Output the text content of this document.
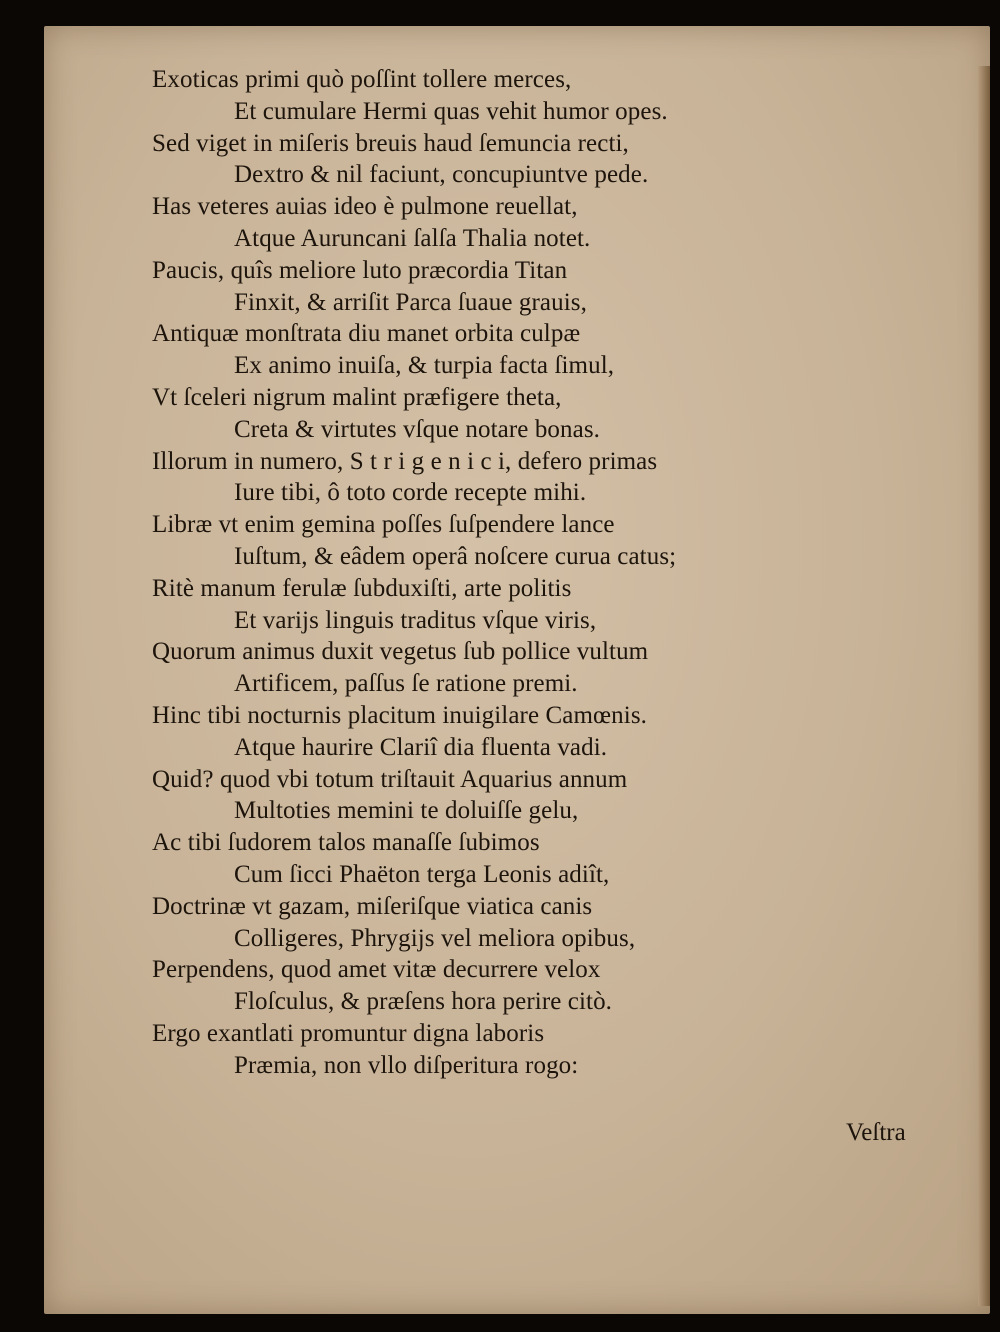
Exoticas primi quò poſſint tollere merces,
Et cumulare Hermi quas vehit humor opes.
Sed viget in miſeris breuis haud ſemuncia recti,
Dextro & nil faciunt, concupiuntve pede.
Has veteres auias ideo è pulmone reuellat,
Atque Auruncani ſalſa Thalia notet.
Paucis, quîs meliore luto præcordia Titan
Finxit, & arriſit Parca ſuaue grauis,
Antiquæ monſtrata diu manet orbita culpæ
Ex animo inuiſa, & turpia facta ſimul,
Vt ſceleri nigrum malint præfigere theta,
Creta & virtutes vſque notare bonas.
Illorum in numero, S t r i g e n i c i, defero primas
Iure tibi, ô toto corde recepte mihi.
Libræ vt enim gemina poſſes ſuſpendere lance
Iuſtum, & eâdem operâ noſcere curua catus;
Ritè manum ferulæ ſubduxiſti, arte politis
Et varijs linguis traditus vſque viris,
Quorum animus duxit vegetus ſub pollice vultum
Artificem, paſſus ſe ratione premi.
Hinc tibi nocturnis placitum inuigilare Camœnis.
Atque haurire Clariî dia fluenta vadi.
Quid? quod vbi totum triſtauit Aquarius annum
Multoties memini te doluiſſe gelu,
Ac tibi ſudorem talos manaſſe ſubimos
Cum ſicci Phaëton terga Leonis adiît,
Doctrinæ vt gazam, miſeriſque viatica canis
Colligeres, Phrygijs vel meliora opibus,
Perpendens, quod amet vitæ decurrere velox
Floſculus, & præſens hora perire citò.
Ergo exantlati promuntur digna laboris
Præmia, non vllo diſperitura rogo:
Veſtra
